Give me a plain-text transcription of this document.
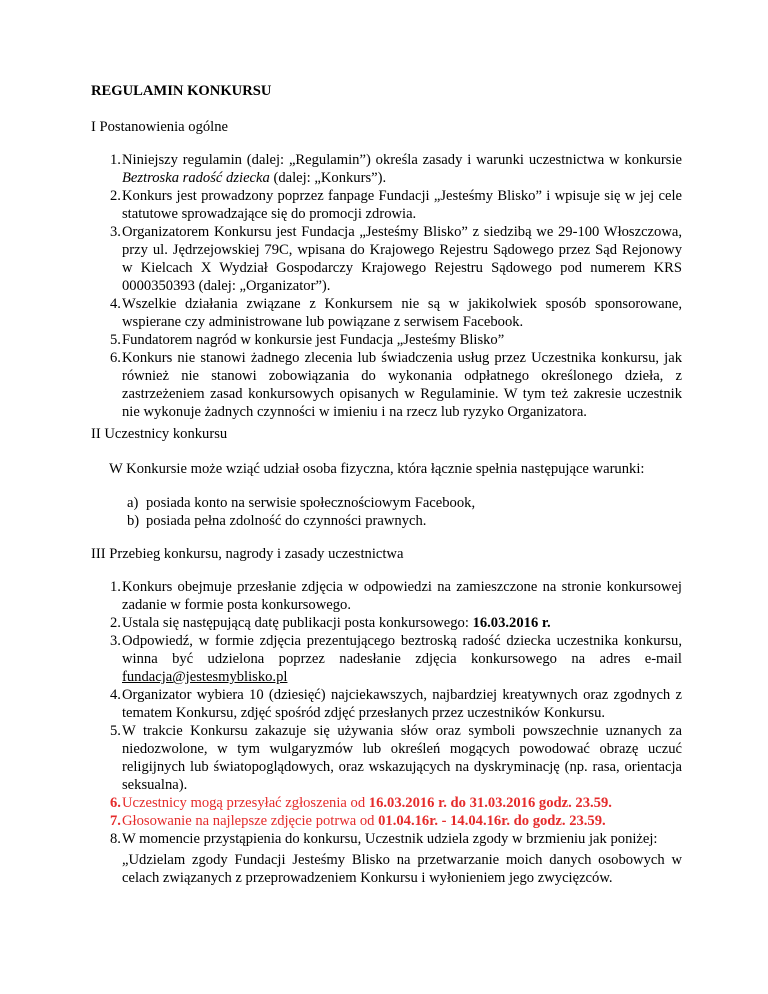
REGULAMIN KONKURSU
I Postanowienia ogólne
1. Niniejszy regulamin (dalej: „Regulamin”) określa zasady i warunki uczestnictwa w konkursie Beztroska radość dziecka (dalej: „Konkurs”).
2. Konkurs jest prowadzony poprzez fanpage Fundacji „Jesteśmy Blisko” i wpisuje się w jej cele statutowe sprowadzające się do promocji zdrowia.
3. Organizatorem Konkursu jest Fundacja „Jesteśmy Blisko” z siedzibą we 29-100 Włoszczowa, przy ul. Jędrzejowskiej 79C, wpisana do Krajowego Rejestru Sądowego przez Sąd Rejonowy w Kielcach X Wydział Gospodarczy Krajowego Rejestru Sądowego pod numerem KRS 0000350393 (dalej: „Organizator”).
4. Wszelkie działania związane z Konkursem nie są w jakikolwiek sposób sponsorowane, wspierane czy administrowane lub powiązane z serwisem Facebook.
5. Fundatorem nagród w konkursie jest Fundacja „Jesteśmy Blisko”
6. Konkurs nie stanowi żadnego zlecenia lub świadczenia usług przez Uczestnika konkursu, jak również nie stanowi zobowiązania do wykonania odpłatnego określonego dzieła, z zastrzeżeniem zasad konkursowych opisanych w Regulaminie. W tym też zakresie uczestnik nie wykonuje żadnych czynności w imieniu i na rzecz lub ryzyko Organizatora.
II Uczestnicy konkursu
W Konkursie może wziąć udział osoba fizyczna, która łącznie spełnia następujące warunki:
a) posiada konto na serwisie społecznościowym Facebook,
b) posiada pełna zdolność do czynności prawnych.
III Przebieg konkursu, nagrody i zasady uczestnictwa
1. Konkurs obejmuje przesłanie zdjęcia w odpowiedzi na zamieszczone na stronie konkursowej zadanie w formie posta konkursowego.
2. Ustala się następującą datę publikacji posta konkursowego: 16.03.2016 r.
3. Odpowiedź, w formie zdjęcia prezentującego beztroską radość dziecka uczestnika konkursu, winna być udzielona poprzez nadesłanie zdjęcia konkursowego na adres e-mail fundacja@jestesmyblisko.pl
4. Organizator wybiera 10 (dziesięć) najciekawszych, najbardziej kreatywnych oraz zgodnych z tematem Konkursu, zdjęć spośród zdjęć przesłanych przez uczestników Konkursu.
5. W trakcie Konkursu zakazuje się używania słów oraz symboli powszechnie uznanych za niedozwolone, w tym wulgaryzmów lub określeń mogących powodować obrazę uczuć religijnych lub światopoglądowych, oraz wskazujących na dyskryminację (np. rasa, orientacja seksualna).
6. Uczestnicy mogą przesyłać zgłoszenia od 16.03.2016 r. do 31.03.2016 godz. 23.59.
7. Głosowanie na najlepsze zdjęcie potrwa od 01.04.16r. - 14.04.16r. do godz. 23.59.
8. W momencie przystąpienia do konkursu, Uczestnik udziela zgody w brzmieniu jak poniżej:
„Udzielam zgody Fundacji Jesteśmy Blisko na przetwarzanie moich danych osobowych w celach związanych z przeprowadzeniem Konkursu i wyłonieniem jego zwycięzców.
